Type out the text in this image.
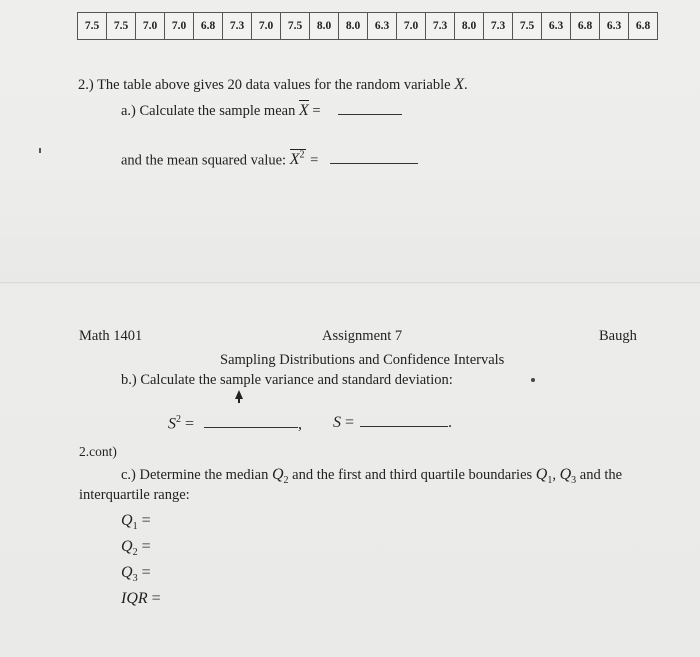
7.5	7.5	7.0	7.0	6.8	7.3	7.0	7.5	8.0	8.0	6.3	7.0	7.3	8.0	7.3	7.5	6.3	6.8	6.3	6.8
2.) The table above gives 20 data values for the random variable X.
a.) Calculate the sample mean X =
and the mean squared value: $X^2$ =
Math 1401	Assignment 7	Baugh
Sampling Distributions and Confidence Intervals
b.) Calculate the sample variance and standard deviation:
$S^2$ =	, S =	.
2.cont)
c.) Determine the median $Q_2$ and the first and third quartile boundaries $Q_1$, $Q_3$ and the
interquartile range:
$Q_1$ =
$Q_2$ =
$Q_3$ =
IQR =
